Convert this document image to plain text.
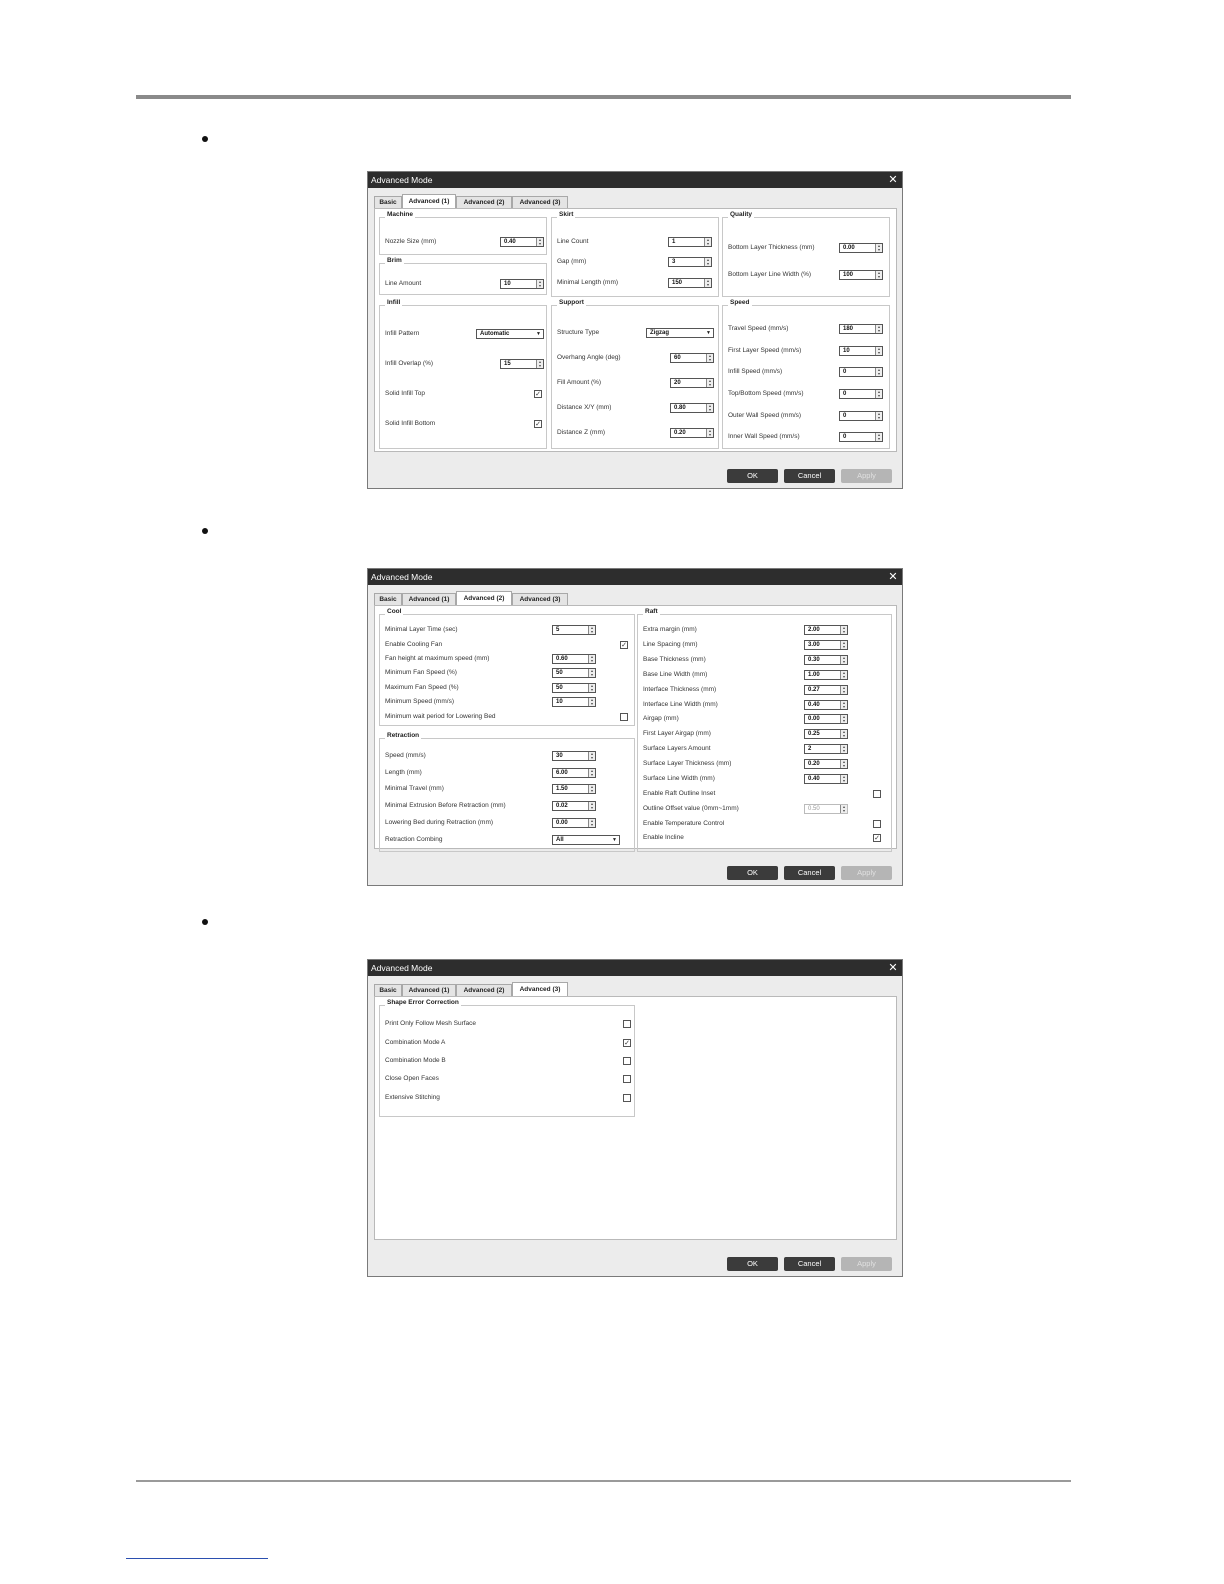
Advanced Mode	✕
Basic	Advanced (1)	Advanced (2)	Advanced (3)
Machine
Nozzle Size (mm)	0.40	▴
▾
Brim
Line Amount	10	▴
▾
Infill
Infill Pattern	Automatic	▼
Infill Overlap (%)	15	▴
▾
Solid Infill Top	✓
Solid Infill Bottom	✓
Skirt
Line Count	1	▴
▾
Gap (mm)	3	▴
▾
Minimal Length (mm)	150	▴
▾
Support
Structure Type	Zigzag	▼
Overhang Angle (deg)	60	▴
▾
Fill Amount (%)	20	▴
▾
Distance X/Y (mm)	0.80	▴
▾
Distance Z (mm)	0.20	▴
▾
Quality
Bottom Layer Thickness (mm)	0.00	▴
▾
Bottom Layer Line Width (%)	100	▴
▾
Speed
Travel Speed (mm/s)	180	▴
▾
First Layer Speed (mm/s)	10	▴
▾
Infill Speed (mm/s)	0	▴
▾
Top/Bottom Speed (mm/s)	0	▴
▾
Outer Wall Speed (mm/s)	0	▴
▾
Inner Wall Speed (mm/s)	0	▴
▾
OK	Cancel	Apply
Advanced Mode	✕
Basic	Advanced (1)	Advanced (2)	Advanced (3)
Cool
Minimal Layer Time (sec)	5	▴
▾
Enable Cooling Fan	✓
Fan height at maximum speed (mm)	0.60	▴
▾
Minimum Fan Speed (%)	50	▴
▾
Maximum Fan Speed (%)	50	▴
▾
Minimum Speed (mm/s)	10	▴
▾
Minimum wait period for Lowering Bed
Retraction
Speed (mm/s)	30	▴
▾
Length (mm)	6.00	▴
▾
Minimal Travel (mm)	1.50	▴
▾
Minimal Extrusion Before Retraction (mm)	0.02	▴
▾
Lowering Bed during Retraction (mm)	0.00	▴
▾
Retraction Combing	All	▼
Raft
Extra margin (mm)	2.00	▴
▾
Line Spacing (mm)	3.00	▴
▾
Base Thickness (mm)	0.30	▴
▾
Base Line Width (mm)	1.00	▴
▾
Interface Thickness (mm)	0.27	▴
▾
Interface Line Width (mm)	0.40	▴
▾
Airgap (mm)	0.00	▴
▾
First Layer Airgap (mm)	0.25	▴
▾
Surface Layers Amount	2	▴
▾
Surface Layer Thickness (mm)	0.20	▴
▾
Surface Line Width (mm)	0.40	▴
▾
Enable Raft Outline Inset
Outline Offset value (0mm~1mm)	0.50	▴
▾
Enable Temperature Control
Enable Incline	✓
OK	Cancel	Apply
Advanced Mode	✕
Basic	Advanced (1)	Advanced (2)	Advanced (3)
Shape Error Correction
Print Only Follow Mesh Surface
Combination Mode A	✓
Combination Mode B
Close Open Faces
Extensive Stitching
OK	Cancel	Apply
